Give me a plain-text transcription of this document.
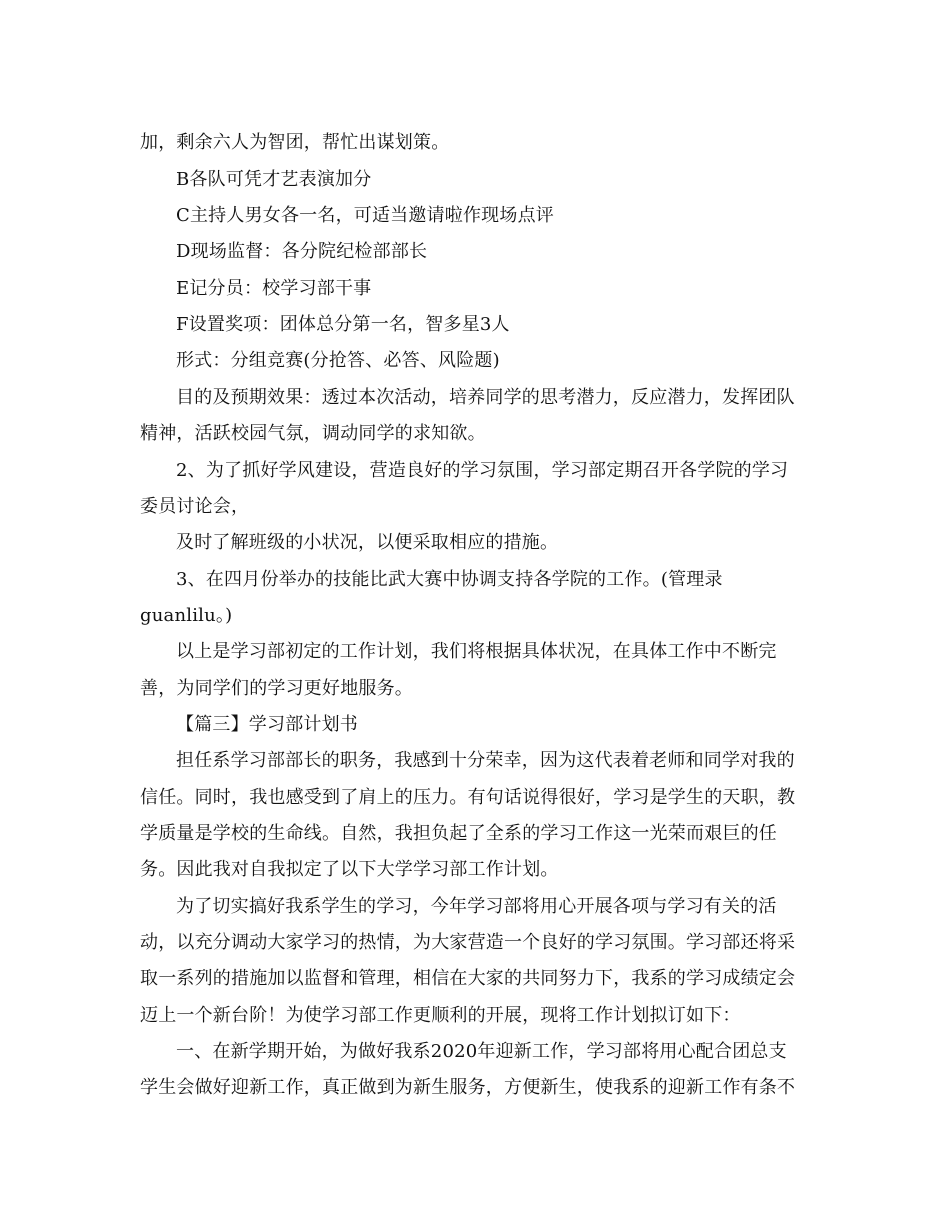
加，剩余六人为智团，帮忙出谋划策。
B各队可凭才艺表演加分
C主持人男女各一名，可适当邀请啦作现场点评
D现场监督：各分院纪检部部长
E记分员：校学习部干事
F设置奖项：团体总分第一名，智多星3人
形式：分组竞赛(分抢答、必答、风险题)
目的及预期效果：透过本次活动，培养同学的思考潜力，反应潜力，发挥团队
精神，活跃校园气氛，调动同学的求知欲。
2、为了抓好学风建设，营造良好的学习氛围，学习部定期召开各学院的学习
委员讨论会，
及时了解班级的小状况，以便采取相应的措施。
3、在四月份举办的技能比武大赛中协调支持各学院的工作。(管理录
guanlilu。)
以上是学习部初定的工作计划，我们将根据具体状况，在具体工作中不断完
善，为同学们的学习更好地服务。
【篇三】学习部计划书
担任系学习部部长的职务，我感到十分荣幸，因为这代表着老师和同学对我的
信任。同时，我也感受到了肩上的压力。有句话说得很好，学习是学生的天职，教
学质量是学校的生命线。自然，我担负起了全系的学习工作这一光荣而艰巨的任
务。因此我对自我拟定了以下大学学习部工作计划。
为了切实搞好我系学生的学习，今年学习部将用心开展各项与学习有关的活
动，以充分调动大家学习的热情，为大家营造一个良好的学习氛围。学习部还将采
取一系列的措施加以监督和管理，相信在大家的共同努力下，我系的学习成绩定会
迈上一个新台阶！为使学习部工作更顺利的开展，现将工作计划拟订如下：
一、在新学期开始，为做好我系2020年迎新工作，学习部将用心配合团总支
学生会做好迎新工作，真正做到为新生服务，方便新生，使我系的迎新工作有条不
